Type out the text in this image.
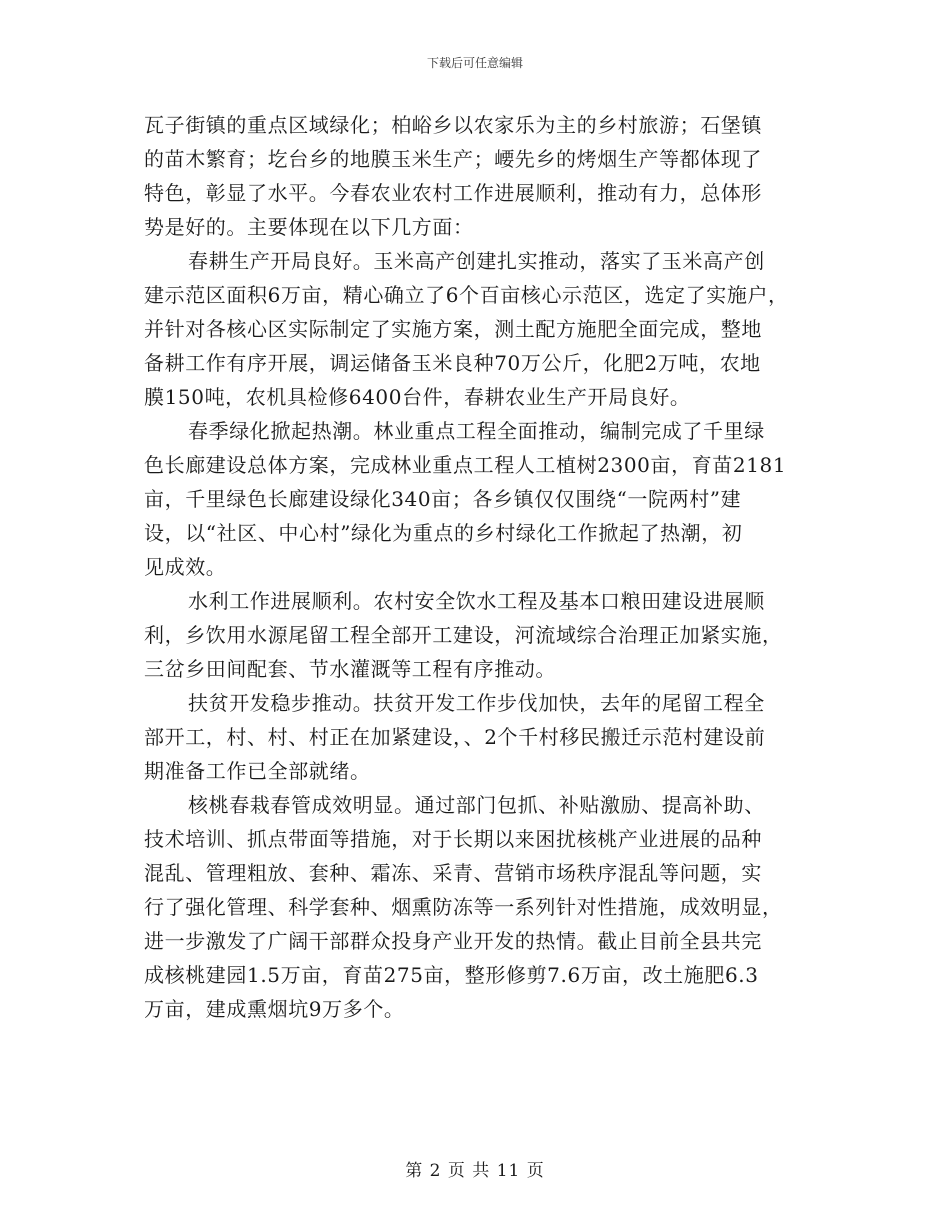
下载后可任意编辑
瓦子街镇的重点区域绿化；柏峪乡以农家乐为主的乡村旅游；石堡镇
的苗木繁育；圪台乡的地膜玉米生产；崾先乡的烤烟生产等都体现了
特色，彰显了水平。今春农业农村工作进展顺利，推动有力，总体形
势是好的。主要体现在以下几方面：
春耕生产开局良好。玉米高产创建扎实推动，落实了玉米高产创
建示范区面积6万亩，精心确立了6个百亩核心示范区，选定了实施户，
并针对各核心区实际制定了实施方案，测土配方施肥全面完成，整地
备耕工作有序开展，调运储备玉米良种70万公斤，化肥2万吨，农地
膜150吨，农机具检修6400台件，春耕农业生产开局良好。
春季绿化掀起热潮。林业重点工程全面推动，编制完成了千里绿
色长廊建设总体方案，完成林业重点工程人工植树2300亩，育苗2181
亩，千里绿色长廊建设绿化340亩；各乡镇仅仅围绕“一院两村”建
设，以“社区、中心村”绿化为重点的乡村绿化工作掀起了热潮，初
见成效。
水利工作进展顺利。农村安全饮水工程及基本口粮田建设进展顺
利，乡饮用水源尾留工程全部开工建设，河流域综合治理正加紧实施，
三岔乡田间配套、节水灌溉等工程有序推动。
扶贫开发稳步推动。扶贫开发工作步伐加快，去年的尾留工程全
部开工，村、村、村正在加紧建设，、2个千村移民搬迁示范村建设前
期准备工作已全部就绪。
核桃春栽春管成效明显。通过部门包抓、补贴激励、提高补助、
技术培训、抓点带面等措施，对于长期以来困扰核桃产业进展的品种
混乱、管理粗放、套种、霜冻、采青、营销市场秩序混乱等问题，实
行了强化管理、科学套种、烟熏防冻等一系列针对性措施，成效明显，
进一步激发了广阔干部群众投身产业开发的热情。截止目前全县共完
成核桃建园1.5万亩，育苗275亩，整形修剪7.6万亩，改土施肥6.3
万亩，建成熏烟坑9万多个。
第 2 页 共 11 页
